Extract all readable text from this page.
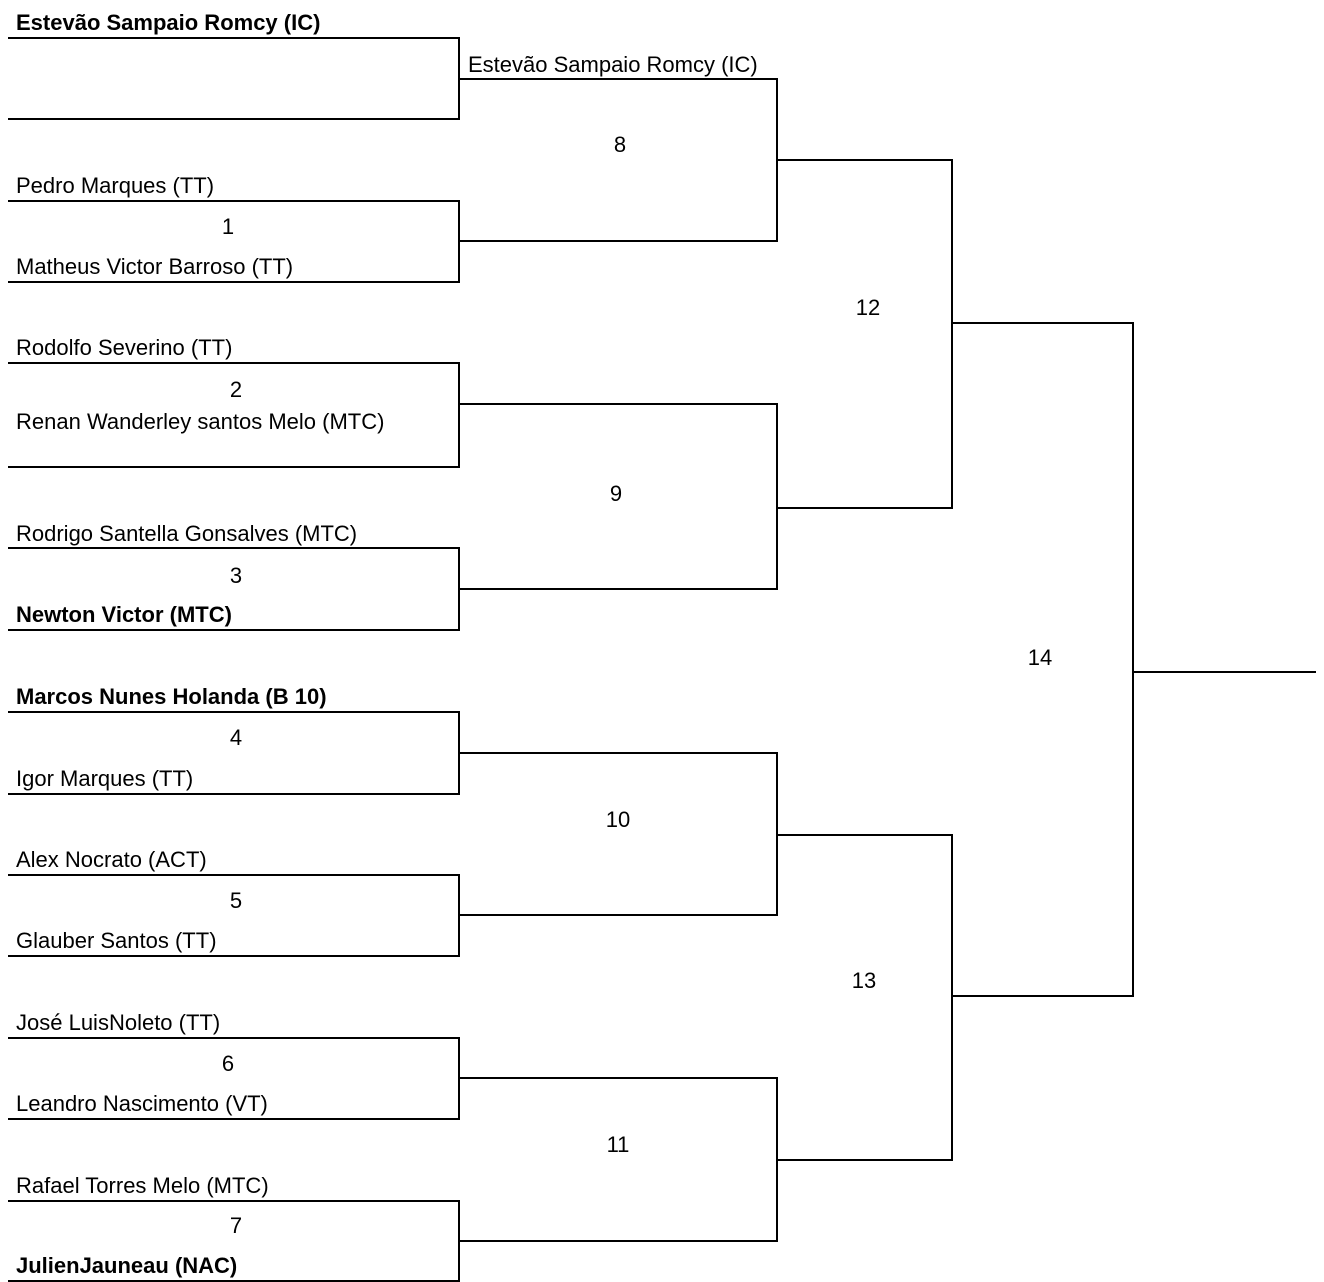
Estevão Sampaio Romcy (IC)
Pedro Marques (TT)
Matheus Victor Barroso (TT)
Rodolfo Severino (TT)
Renan Wanderley santos Melo (MTC)
Rodrigo Santella Gonsalves (MTC)
Newton Victor (MTC)
Marcos Nunes Holanda (B 10)
Igor Marques (TT)
Alex Nocrato (ACT)
Glauber Santos (TT)
José LuisNoleto (TT)
Leandro Nascimento (VT)
Rafael Torres Melo (MTC)
JulienJauneau (NAC)
Estevão Sampaio Romcy (IC)
1
2
3
4
5
6
7
8
9
10
11
12
13
14
